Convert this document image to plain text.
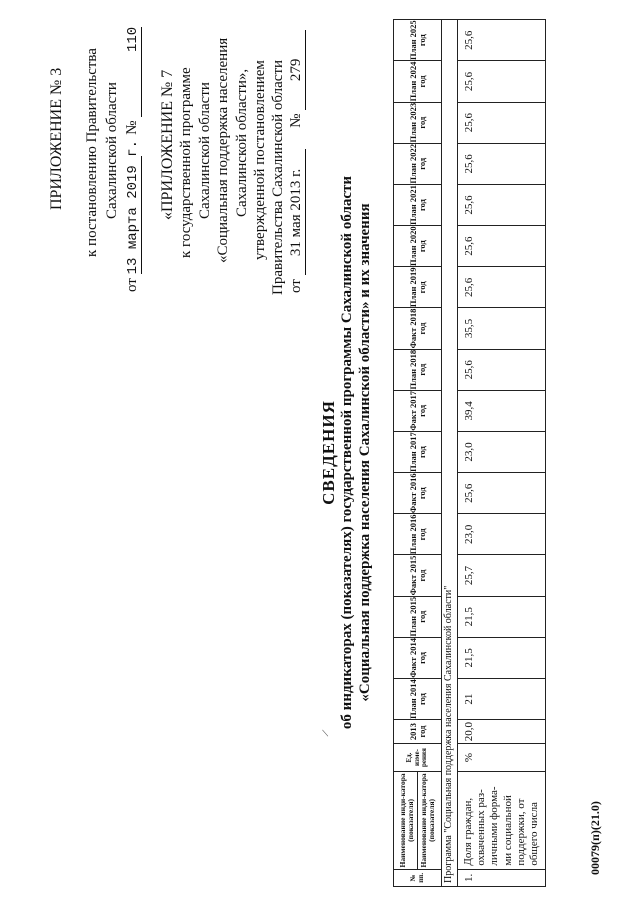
ПРИЛОЖЕНИЕ № 3 к постановлению Правительства Сахалинской области
от 13 марта 2019 г.  № 110
«ПРИЛОЖЕНИЕ № 7 к государственной программе Сахалинской области «Социальная поддержка населения Сахалинской области», утвержденной постановлением Правительства Сахалинской области от 31 мая 2013 г.  № 279
СВЕДЕНИЯ об индикаторах (показателях) государственной программы Сахалинской области «Социальная поддержка населения Сахалинской области» и их значения
/
№ пп.	Наименование инди-катора (показателя) Наименование инди-катора (показателя)	Ед. изме-рения	2013 год	План 2014 год	Факт 2014 год	План 2015 год	Факт 2015 год	План 2016 год	Факт 2016 год	План 2017 год	Факт 2017 год	План 2018 год	Факт 2018 год	План 2019 год	План 2020 год	План 2021 год	План 2022 год	План 2023 год	План 2024 год	План 2025 год
Программа "Социальная поддержка населения Сахалинской области"																				
1.	Доля граждан, охваченных раз-личными форма-ми социальной поддержки, от общего числа	%	20,0	21	21,5	21,5	25,7	23,0	25,6	23,0	39,4	25,6	35,5	25,6	25,6	25,6	25,6	25,6	25,6	25,6
00079(п)(21.0)
